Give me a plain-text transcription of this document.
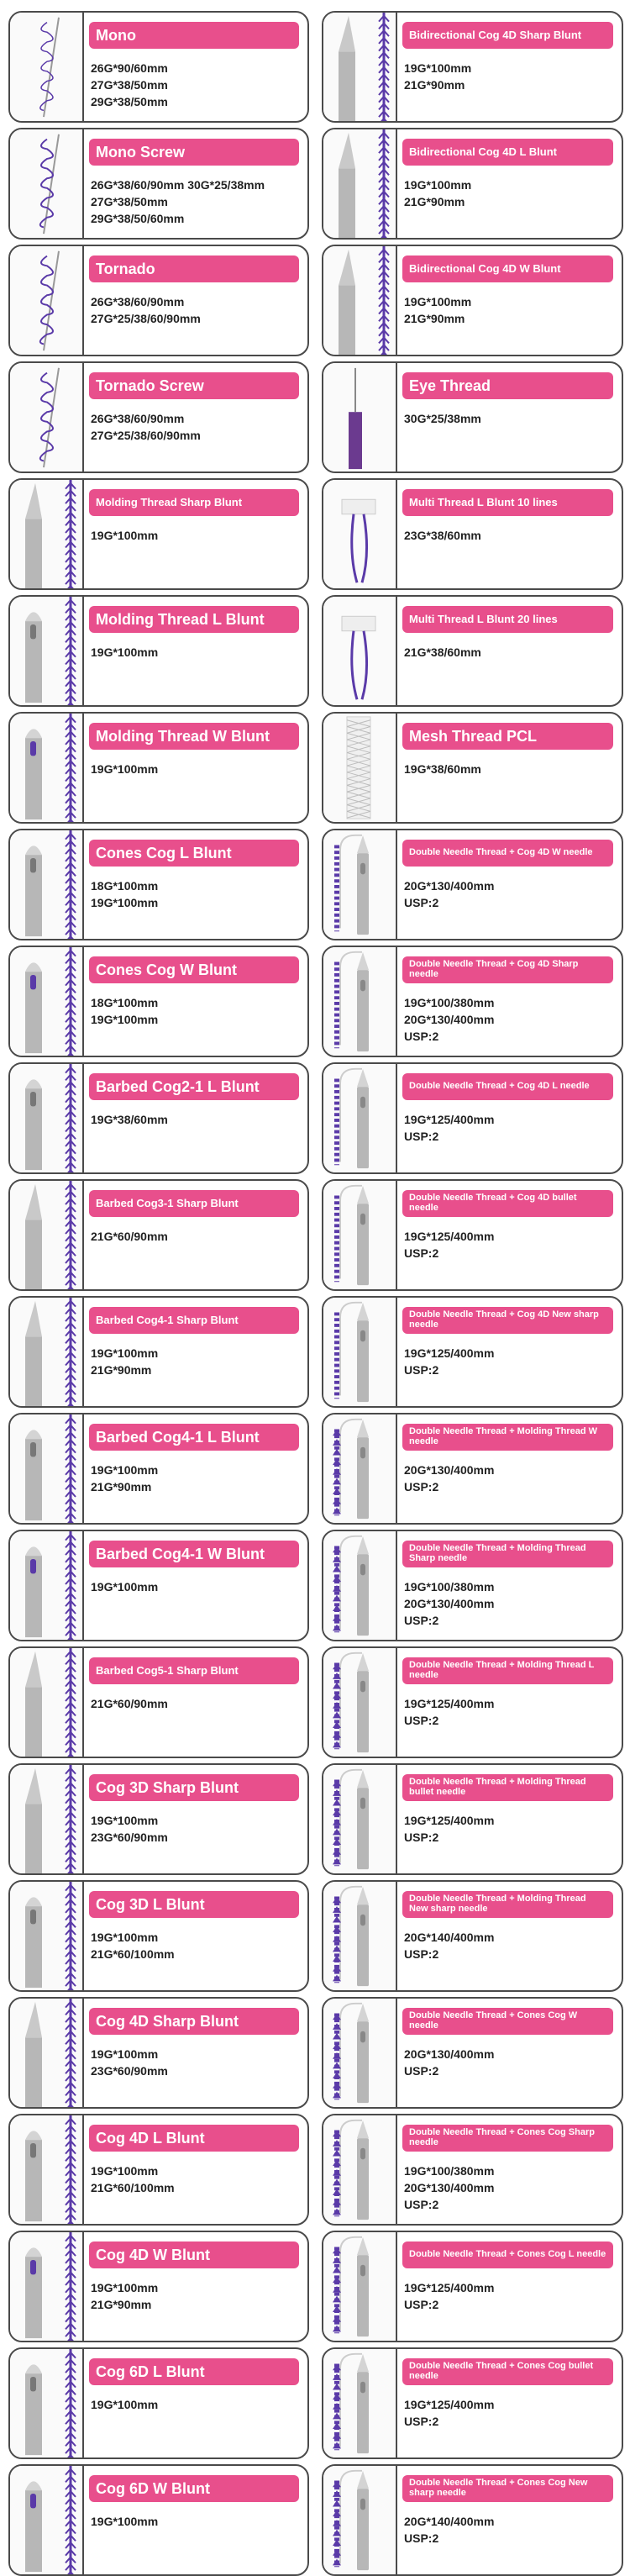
Mono
26G*90/60mm
27G*38/50mm
29G*38/50mm
Bidirectional Cog 4D Sharp Blunt
19G*100mm
21G*90mm
Mono Screw
26G*38/60/90mm 30G*25/38mm
27G*38/50mm
29G*38/50/60mm
Bidirectional Cog 4D L Blunt
19G*100mm
21G*90mm
Tornado
26G*38/60/90mm
27G*25/38/60/90mm
Bidirectional Cog 4D W Blunt
19G*100mm
21G*90mm
Tornado Screw
26G*38/60/90mm
27G*25/38/60/90mm
Eye Thread
30G*25/38mm
Molding Thread Sharp Blunt
19G*100mm
Multi Thread L Blunt 10 lines
23G*38/60mm
Molding Thread L Blunt
19G*100mm
Multi Thread L Blunt 20 lines
21G*38/60mm
Molding Thread W Blunt
19G*100mm
Mesh Thread PCL
19G*38/60mm
Cones Cog L Blunt
18G*100mm
19G*100mm
Double Needle Thread + Cog 4D W needle
20G*130/400mm
USP:2
Cones Cog W Blunt
18G*100mm
19G*100mm
Double Needle Thread + Cog 4D Sharp needle
19G*100/380mm
20G*130/400mm
USP:2
Barbed Cog2-1 L Blunt
19G*38/60mm
Double Needle Thread + Cog 4D L needle
19G*125/400mm
USP:2
Barbed Cog3-1 Sharp Blunt
21G*60/90mm
Double Needle Thread + Cog 4D bullet needle
19G*125/400mm
USP:2
Barbed Cog4-1 Sharp Blunt
19G*100mm
21G*90mm
Double Needle Thread + Cog 4D New sharp needle
19G*125/400mm
USP:2
Barbed Cog4-1 L Blunt
19G*100mm
21G*90mm
Double Needle Thread + Molding Thread W needle
20G*130/400mm
USP:2
Barbed Cog4-1 W Blunt
19G*100mm
Double Needle Thread + Molding Thread Sharp needle
19G*100/380mm
20G*130/400mm
USP:2
Barbed Cog5-1 Sharp Blunt
21G*60/90mm
Double Needle Thread + Molding Thread L needle
19G*125/400mm
USP:2
Cog 3D Sharp Blunt
19G*100mm
23G*60/90mm
Double Needle Thread + Molding Thread bullet needle
19G*125/400mm
USP:2
Cog 3D L Blunt
19G*100mm
21G*60/100mm
Double Needle Thread + Molding Thread New sharp needle
20G*140/400mm
USP:2
Cog 4D Sharp Blunt
19G*100mm
23G*60/90mm
Double Needle Thread + Cones Cog W needle
20G*130/400mm
USP:2
Cog 4D L Blunt
19G*100mm
21G*60/100mm
Double Needle Thread + Cones Cog Sharp needle
19G*100/380mm
20G*130/400mm
USP:2
Cog 4D W Blunt
19G*100mm
21G*90mm
Double Needle Thread + Cones Cog L needle
19G*125/400mm
USP:2
Cog 6D L Blunt
19G*100mm
Double Needle Thread + Cones Cog bullet needle
19G*125/400mm
USP:2
Cog 6D W Blunt
19G*100mm
Double Needle Thread + Cones Cog New sharp needle
20G*140/400mm
USP:2
